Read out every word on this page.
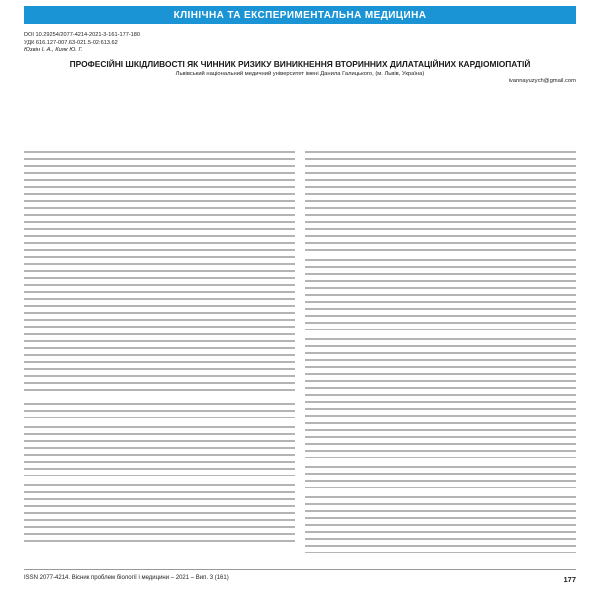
КЛІНІЧНА ТА ЕКСПЕРИМЕНТАЛЬНА МЕДИЦИНА
DOI 10.29254/2077-4214-2021-3-161-177-180
УДК 616.127-007.63-021.5-02:613.62
Юзвін І. А., Кияк Ю. Г.
ПРОФЕСІЙНІ ШКІДЛИВОСТІ ЯК ЧИННИК РИЗИКУ ВИНИКНЕННЯ ВТОРИННИХ ДИЛАТАЦІЙНИХ КАРДІОМІОПАТІЙ
Львівський національний медичний університет імені Данила Галицького, (м. Львів, Україна)
ivannayuzych@gmail.com
ISSN 2077-4214. Вісник проблем біології і медицини – 2021 – Вип. 3 (161)	177
